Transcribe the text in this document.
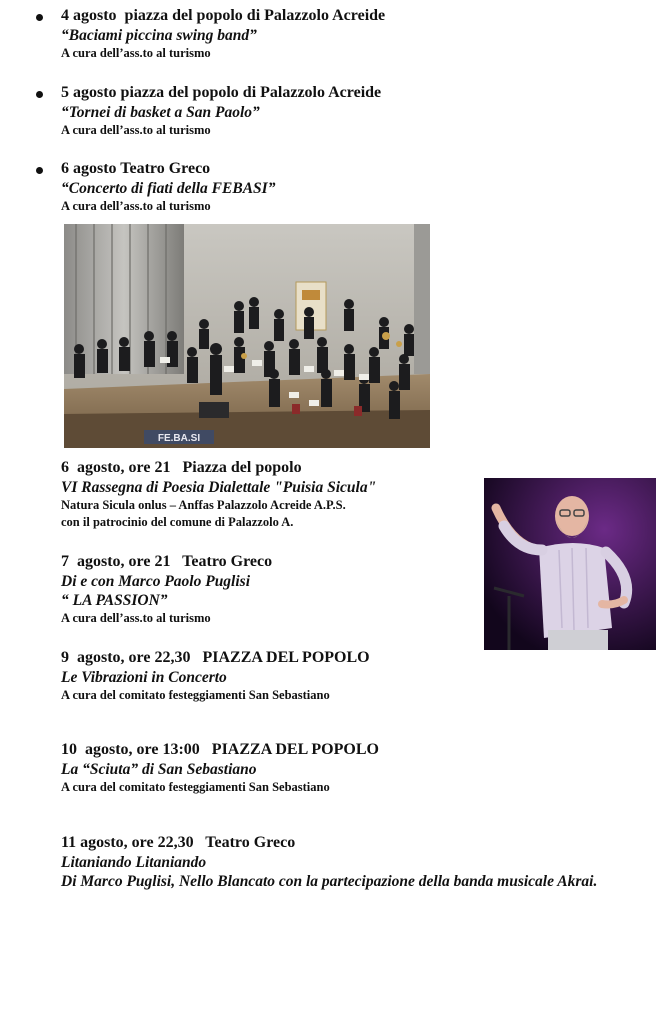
4 agosto  piazza del popolo di Palazzolo Acreide
“Baciami piccina swing band”
A cura dell’ass.to al turismo
5 agosto piazza del popolo di Palazzolo Acreide
“Tornei di basket a San Paolo”
A cura dell’ass.to al turismo
6 agosto Teatro Greco
“Concerto di fiati della FEBASI”
A cura dell’ass.to al turismo
FE.BA.SI
6  agosto, ore 21   Piazza del popolo
VI Rassegna di Poesia Dialettale "Puisia Sicula"
Natura Sicula onlus – Anffas Palazzolo Acreide A.P.S.
con il patrocinio del comune di Palazzolo A.
7  agosto, ore 21   Teatro Greco
Di e con Marco Paolo Puglisi
“ LA PASSION”
A cura dell’ass.to al turismo
9  agosto, ore 22,30   PIAZZA DEL POPOLO
Le Vibrazioni in Concerto
A cura del comitato festeggiamenti San Sebastiano
10  agosto, ore 13:00   PIAZZA DEL POPOLO
La “Sciuta” di San Sebastiano
A cura del comitato festeggiamenti San Sebastiano
11 agosto, ore 22,30   Teatro Greco
Litaniando Litaniando
Di Marco Puglisi, Nello Blancato con la partecipazione della banda musicale Akrai.
